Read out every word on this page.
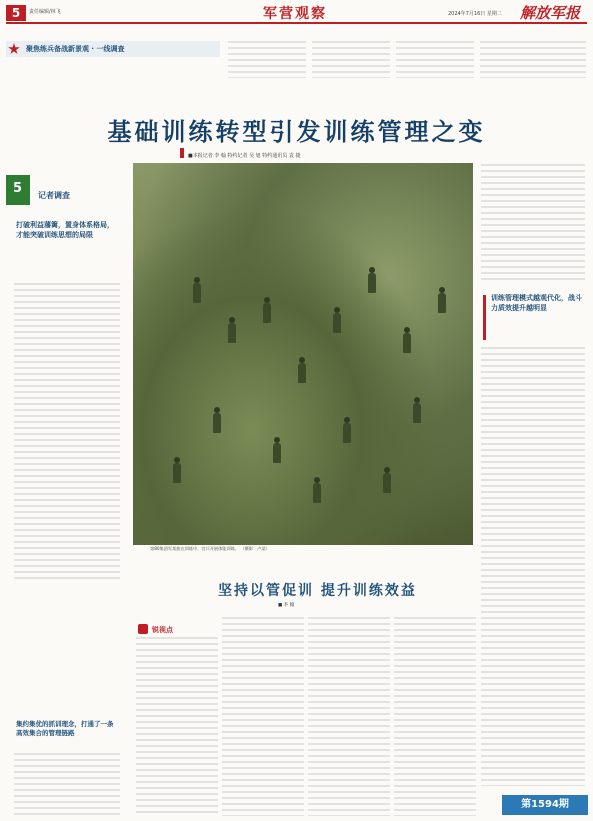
5	责任编辑/林飞	军营观察	2024年7月16日 星期二 解放军报
聚焦练兵备战新景观 · 一线调查
基础训练转型引发训练管理之变
■本报记者 李 翰 特约记者 吴 旭 特约通讯员 袁 捷
5 记者调查
打破利益藩篱，置身体系格局，才能突破训练思想的局限
集约集优的抓训理念，打通了一条高效集合的管理链路
第80集团军某旅在训练中，官兵开展体能训练。 （摄影：卢某）
训练管理模式越观代化，战斗力质效提升越明显
坚持以管促训 提升训练效益
■ 李 翰
锐视点
第1594期
